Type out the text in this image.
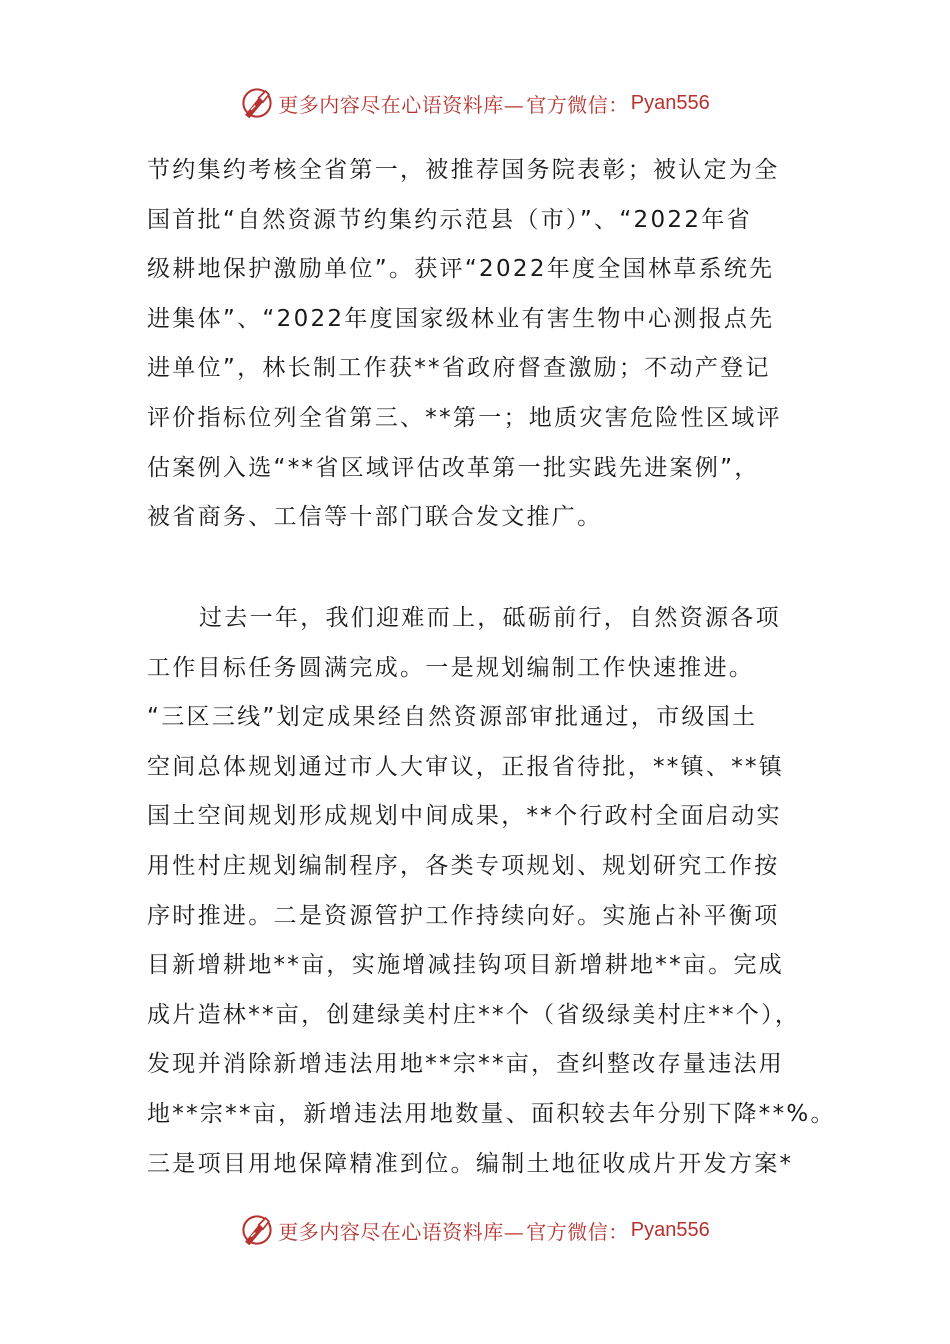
更多内容尽在心语资料库— 官方微信： Pyan556
节约集约考核全省第一，被推荐国务院表彰；被认定为全
国首批“自然资源节约集约示范县（市）”、“2022年省
级耕地保护激励单位”。获评“2022年度全国林草系统先
进集体”、“2022年度国家级林业有害生物中心测报点先
进单位”，林长制工作获**省政府督查激励；不动产登记
评价指标位列全省第三、**第一；地质灾害危险性区域评
估案例入选“**省区域评估改革第一批实践先进案例”，
被省商务、工信等十部门联合发文推广。
过去一年，我们迎难而上，砥砺前行，自然资源各项
工作目标任务圆满完成。一是规划编制工作快速推进。
“三区三线”划定成果经自然资源部审批通过，市级国土
空间总体规划通过市人大审议，正报省待批，**镇、**镇
国土空间规划形成规划中间成果，**个行政村全面启动实
用性村庄规划编制程序，各类专项规划、规划研究工作按
序时推进。二是资源管护工作持续向好。实施占补平衡项
目新增耕地**亩，实施增减挂钩项目新增耕地**亩。完成
成片造林**亩，创建绿美村庄**个（省级绿美村庄**个），
发现并消除新增违法用地**宗**亩，查纠整改存量违法用
地**宗**亩，新增违法用地数量、面积较去年分别下降**%。
三是项目用地保障精准到位。编制土地征收成片开发方案*
更多内容尽在心语资料库— 官方微信： Pyan556
